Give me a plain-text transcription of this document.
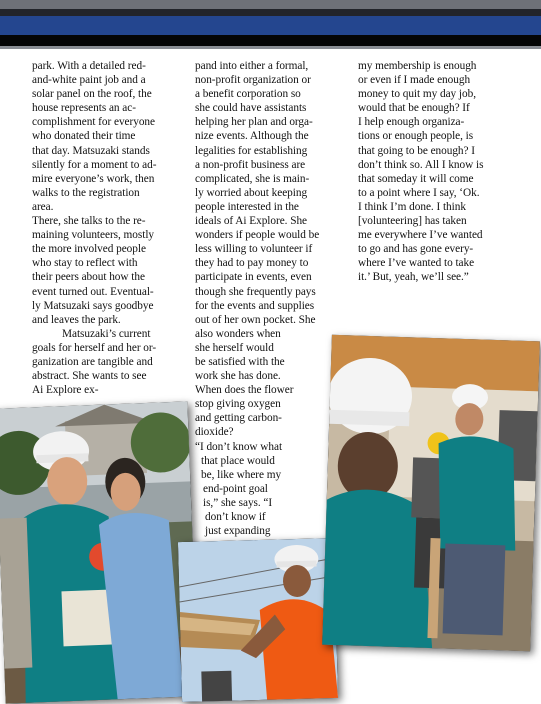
park. With a detailed red-
and-white paint job and a
solar panel on the roof, the
house represents an ac-
complishment for everyone
who donated their time
that day. Matsuzaki stands
silently for a moment to ad-
mire everyone’s work, then
walks to the registration
area.
There, she talks to the re-
maining volunteers, mostly
the more involved people
who stay to reflect with
their peers about how the
event turned out. Eventual-
ly Matsuzaki says goodbye
and leaves the park.
Matsuzaki’s current
goals for herself and her or-
ganization are tangible and
abstract. She wants to see
Ai Explore ex-
pand into either a formal,
non-profit organization or
a benefit corporation so
she could have assistants
helping her plan and orga-
nize events. Although the
legalities for establishing
a non-profit business are
complicated, she is main-
ly worried about keeping
people interested in the
ideals of Ai Explore. She
wonders if people would be
less willing to volunteer if
they had to pay money to
participate in events, even
though she frequently pays
for the events and supplies
out of her own pocket. She
also wonders when
she herself would
be satisfied with the
work she has done.
When does the flower
stop giving oxygen
and getting carbon-
dioxide?
“I don’t know what
that place would
be, like where my
end-point goal
is,” she says. “I
don’t know if
just expanding
my membership is enough
or even if I made enough
money to quit my day job,
would that be enough? If
I help enough organiza-
tions or enough people, is
that going to be enough? I
don’t think so. All I know is
that someday it will come
to a point where I say, ‘Ok.
I think I’m done. I think
[volunteering] has taken
me everywhere I’ve wanted
to go and has gone every-
where I’ve wanted to take
it.’ But, yeah, we’ll see.”
